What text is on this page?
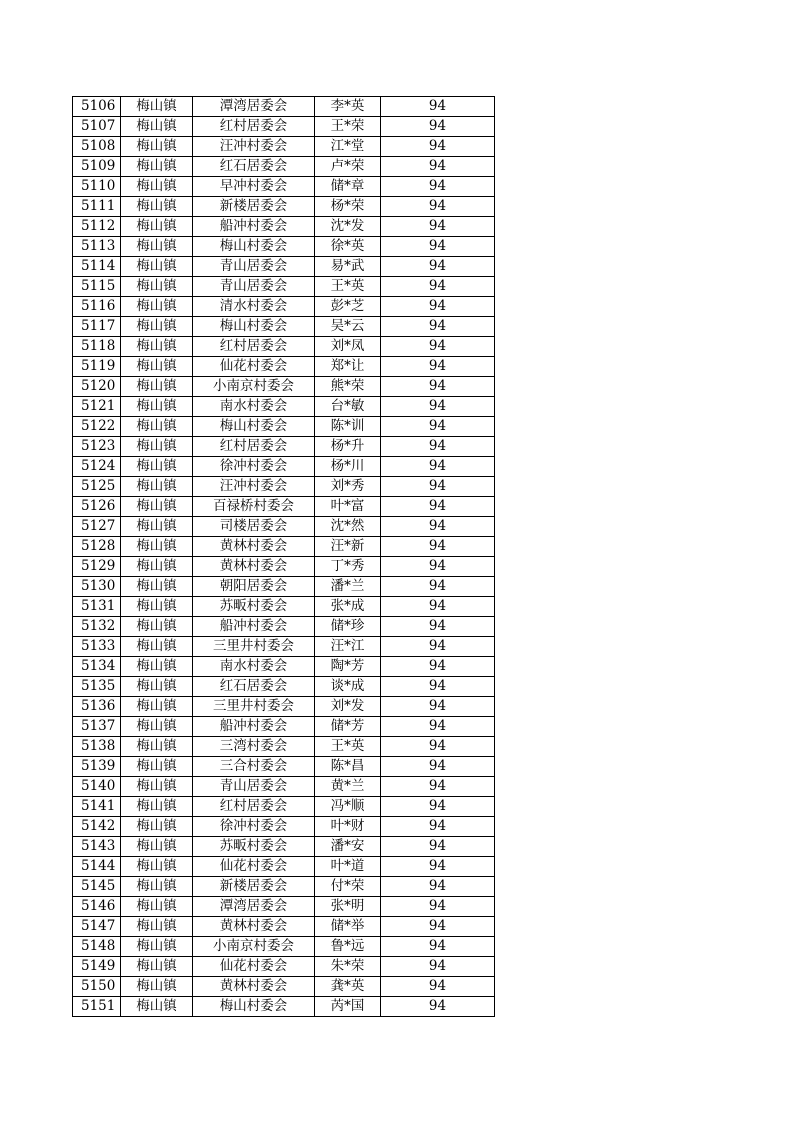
5106	梅山镇	潭湾居委会	李*英	94
5107	梅山镇	红村居委会	王*荣	94
5108	梅山镇	汪冲村委会	江*堂	94
5109	梅山镇	红石居委会	卢*荣	94
5110	梅山镇	早冲村委会	储*章	94
5111	梅山镇	新楼居委会	杨*荣	94
5112	梅山镇	船冲村委会	沈*发	94
5113	梅山镇	梅山村委会	徐*英	94
5114	梅山镇	青山居委会	易*武	94
5115	梅山镇	青山居委会	王*英	94
5116	梅山镇	清水村委会	彭*芝	94
5117	梅山镇	梅山村委会	吴*云	94
5118	梅山镇	红村居委会	刘*凤	94
5119	梅山镇	仙花村委会	郑*让	94
5120	梅山镇	小南京村委会	熊*荣	94
5121	梅山镇	南水村委会	台*敏	94
5122	梅山镇	梅山村委会	陈*训	94
5123	梅山镇	红村居委会	杨*升	94
5124	梅山镇	徐冲村委会	杨*川	94
5125	梅山镇	汪冲村委会	刘*秀	94
5126	梅山镇	百禄桥村委会	叶*富	94
5127	梅山镇	司楼居委会	沈*然	94
5128	梅山镇	黄林村委会	汪*新	94
5129	梅山镇	黄林村委会	丁*秀	94
5130	梅山镇	朝阳居委会	潘*兰	94
5131	梅山镇	苏畈村委会	张*成	94
5132	梅山镇	船冲村委会	储*珍	94
5133	梅山镇	三里井村委会	汪*江	94
5134	梅山镇	南水村委会	陶*芳	94
5135	梅山镇	红石居委会	谈*成	94
5136	梅山镇	三里井村委会	刘*发	94
5137	梅山镇	船冲村委会	储*芳	94
5138	梅山镇	三湾村委会	王*英	94
5139	梅山镇	三合村委会	陈*昌	94
5140	梅山镇	青山居委会	黄*兰	94
5141	梅山镇	红村居委会	冯*顺	94
5142	梅山镇	徐冲村委会	叶*财	94
5143	梅山镇	苏畈村委会	潘*安	94
5144	梅山镇	仙花村委会	叶*道	94
5145	梅山镇	新楼居委会	付*荣	94
5146	梅山镇	潭湾居委会	张*明	94
5147	梅山镇	黄林村委会	储*举	94
5148	梅山镇	小南京村委会	鲁*远	94
5149	梅山镇	仙花村委会	朱*荣	94
5150	梅山镇	黄林村委会	龚*英	94
5151	梅山镇	梅山村委会	芮*国	94
